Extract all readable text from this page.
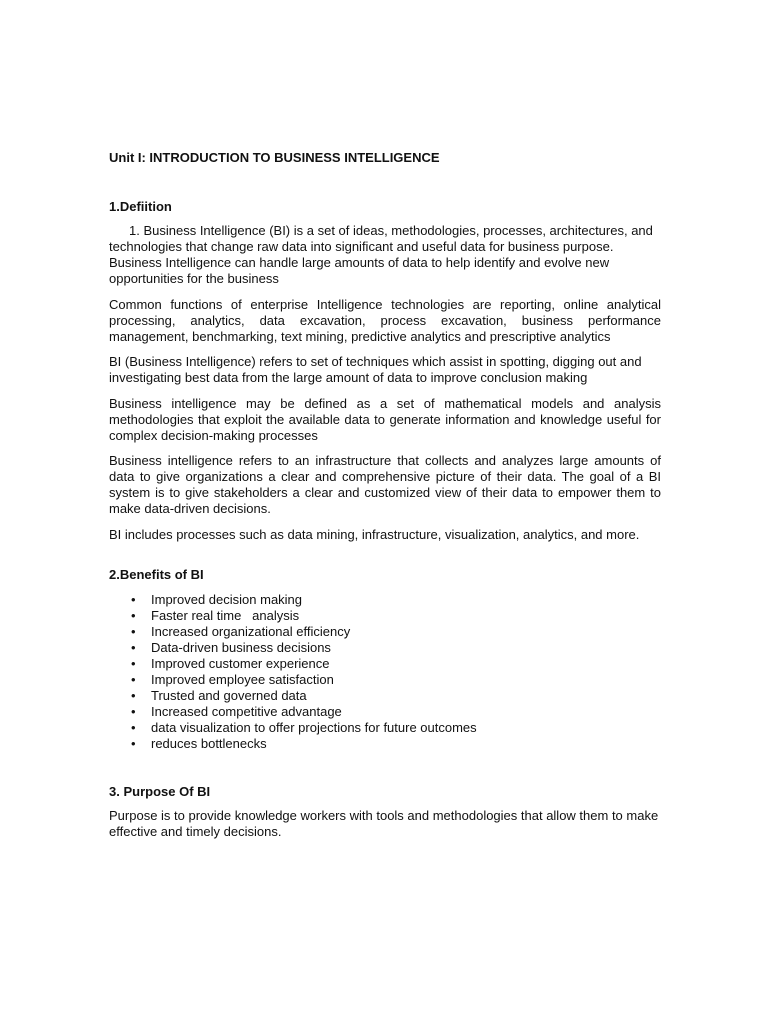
Unit I: INTRODUCTION TO BUSINESS INTELLIGENCE

1.Defiition

1. Business Intelligence (BI) is a set of ideas, methodologies, processes, architectures, and technologies that change raw data into significant and useful data for business purpose. Business Intelligence can handle large amounts of data to help identify and evolve new opportunities for the business

Common functions of enterprise Intelligence technologies are reporting, online analytical processing, analytics, data excavation, process excavation, business performance management, benchmarking, text mining, predictive analytics and prescriptive analytics

BI (Business Intelligence) refers to set of techniques which assist in spotting, digging out and investigating best data from the large amount of data to improve conclusion making

Business intelligence may be defined as a set of mathematical models and analysis methodologies that exploit the available data to generate information and knowledge useful for complex decision-making processes

Business intelligence refers to an infrastructure that collects and analyzes large amounts of data to give organizations a clear and comprehensive picture of their data. The goal of a BI system is to give stakeholders a clear and customized view of their data to empower them to make data-driven decisions.

BI includes processes such as data mining, infrastructure, visualization, analytics, and more.

2.Benefits of BI

• Improved decision making
• Faster real time   analysis
• Increased organizational efficiency
• Data-driven business decisions
• Improved customer experience
• Improved employee satisfaction
• Trusted and governed data
• Increased competitive advantage
• data visualization to offer projections for future outcomes
• reduces bottlenecks

3. Purpose Of BI

Purpose is to provide knowledge workers with tools and methodologies that allow them to make effective and timely decisions.
